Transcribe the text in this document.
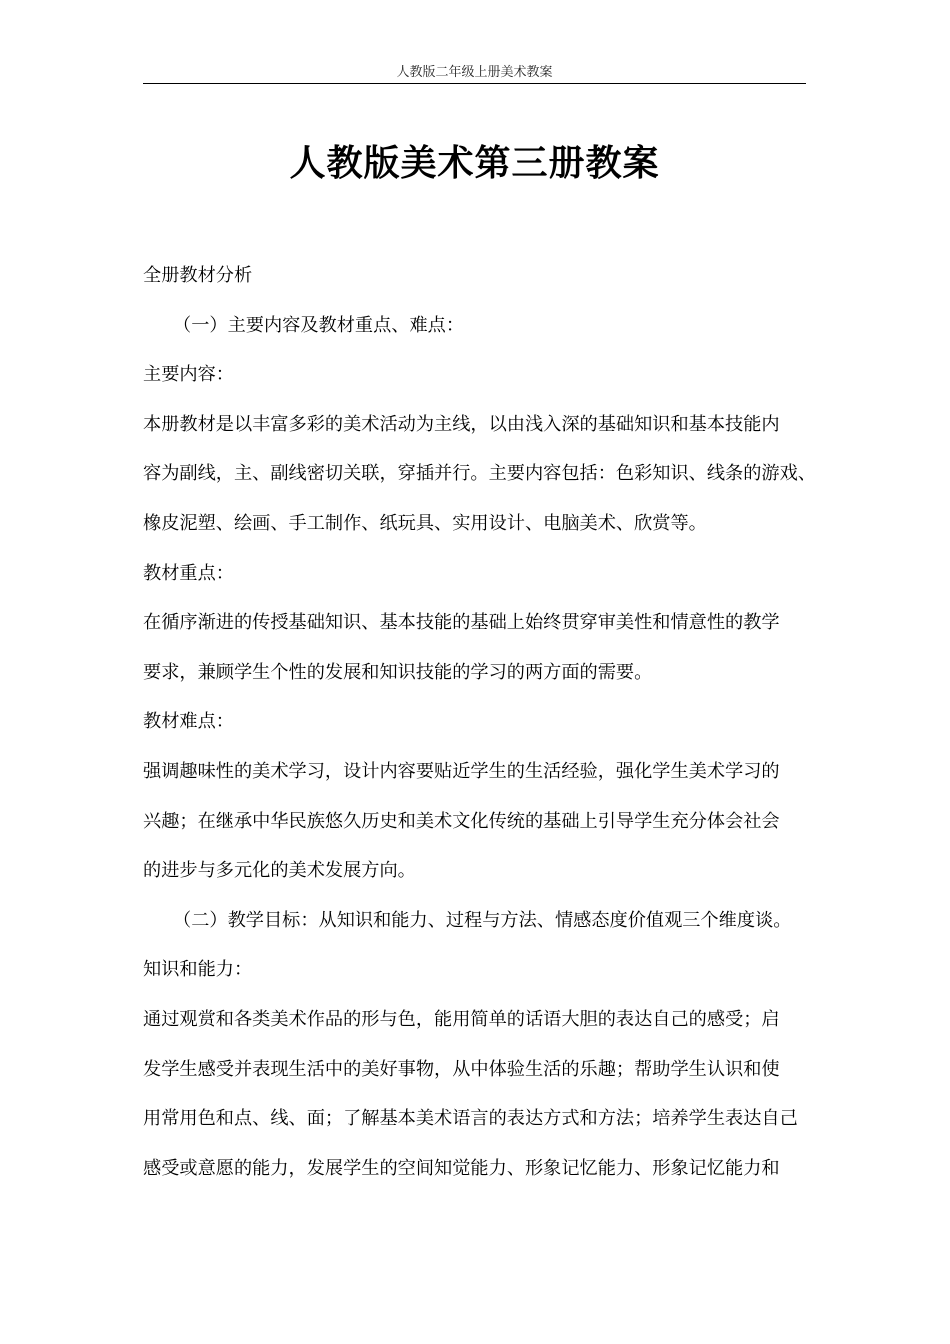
人教版二年级上册美术教案
人教版美术第三册教案
全册教材分析
（一）主要内容及教材重点、难点：
主要内容：
本册教材是以丰富多彩的美术活动为主线，以由浅入深的基础知识和基本技能内
容为副线，主、副线密切关联，穿插并行。主要内容包括：色彩知识、线条的游戏、
橡皮泥塑、绘画、手工制作、纸玩具、实用设计、电脑美术、欣赏等。
教材重点：
在循序渐进的传授基础知识、基本技能的基础上始终贯穿审美性和情意性的教学
要求，兼顾学生个性的发展和知识技能的学习的两方面的需要。
教材难点：
强调趣味性的美术学习，设计内容要贴近学生的生活经验，强化学生美术学习的
兴趣；在继承中华民族悠久历史和美术文化传统的基础上引导学生充分体会社会
的进步与多元化的美术发展方向。
（二）教学目标：从知识和能力、过程与方法、情感态度价值观三个维度谈。
知识和能力：
通过观赏和各类美术作品的形与色，能用简单的话语大胆的表达自己的感受；启
发学生感受并表现生活中的美好事物，从中体验生活的乐趣；帮助学生认识和使
用常用色和点、线、面；了解基本美术语言的表达方式和方法；培养学生表达自己
感受或意愿的能力，发展学生的空间知觉能力、形象记忆能力、形象记忆能力和
